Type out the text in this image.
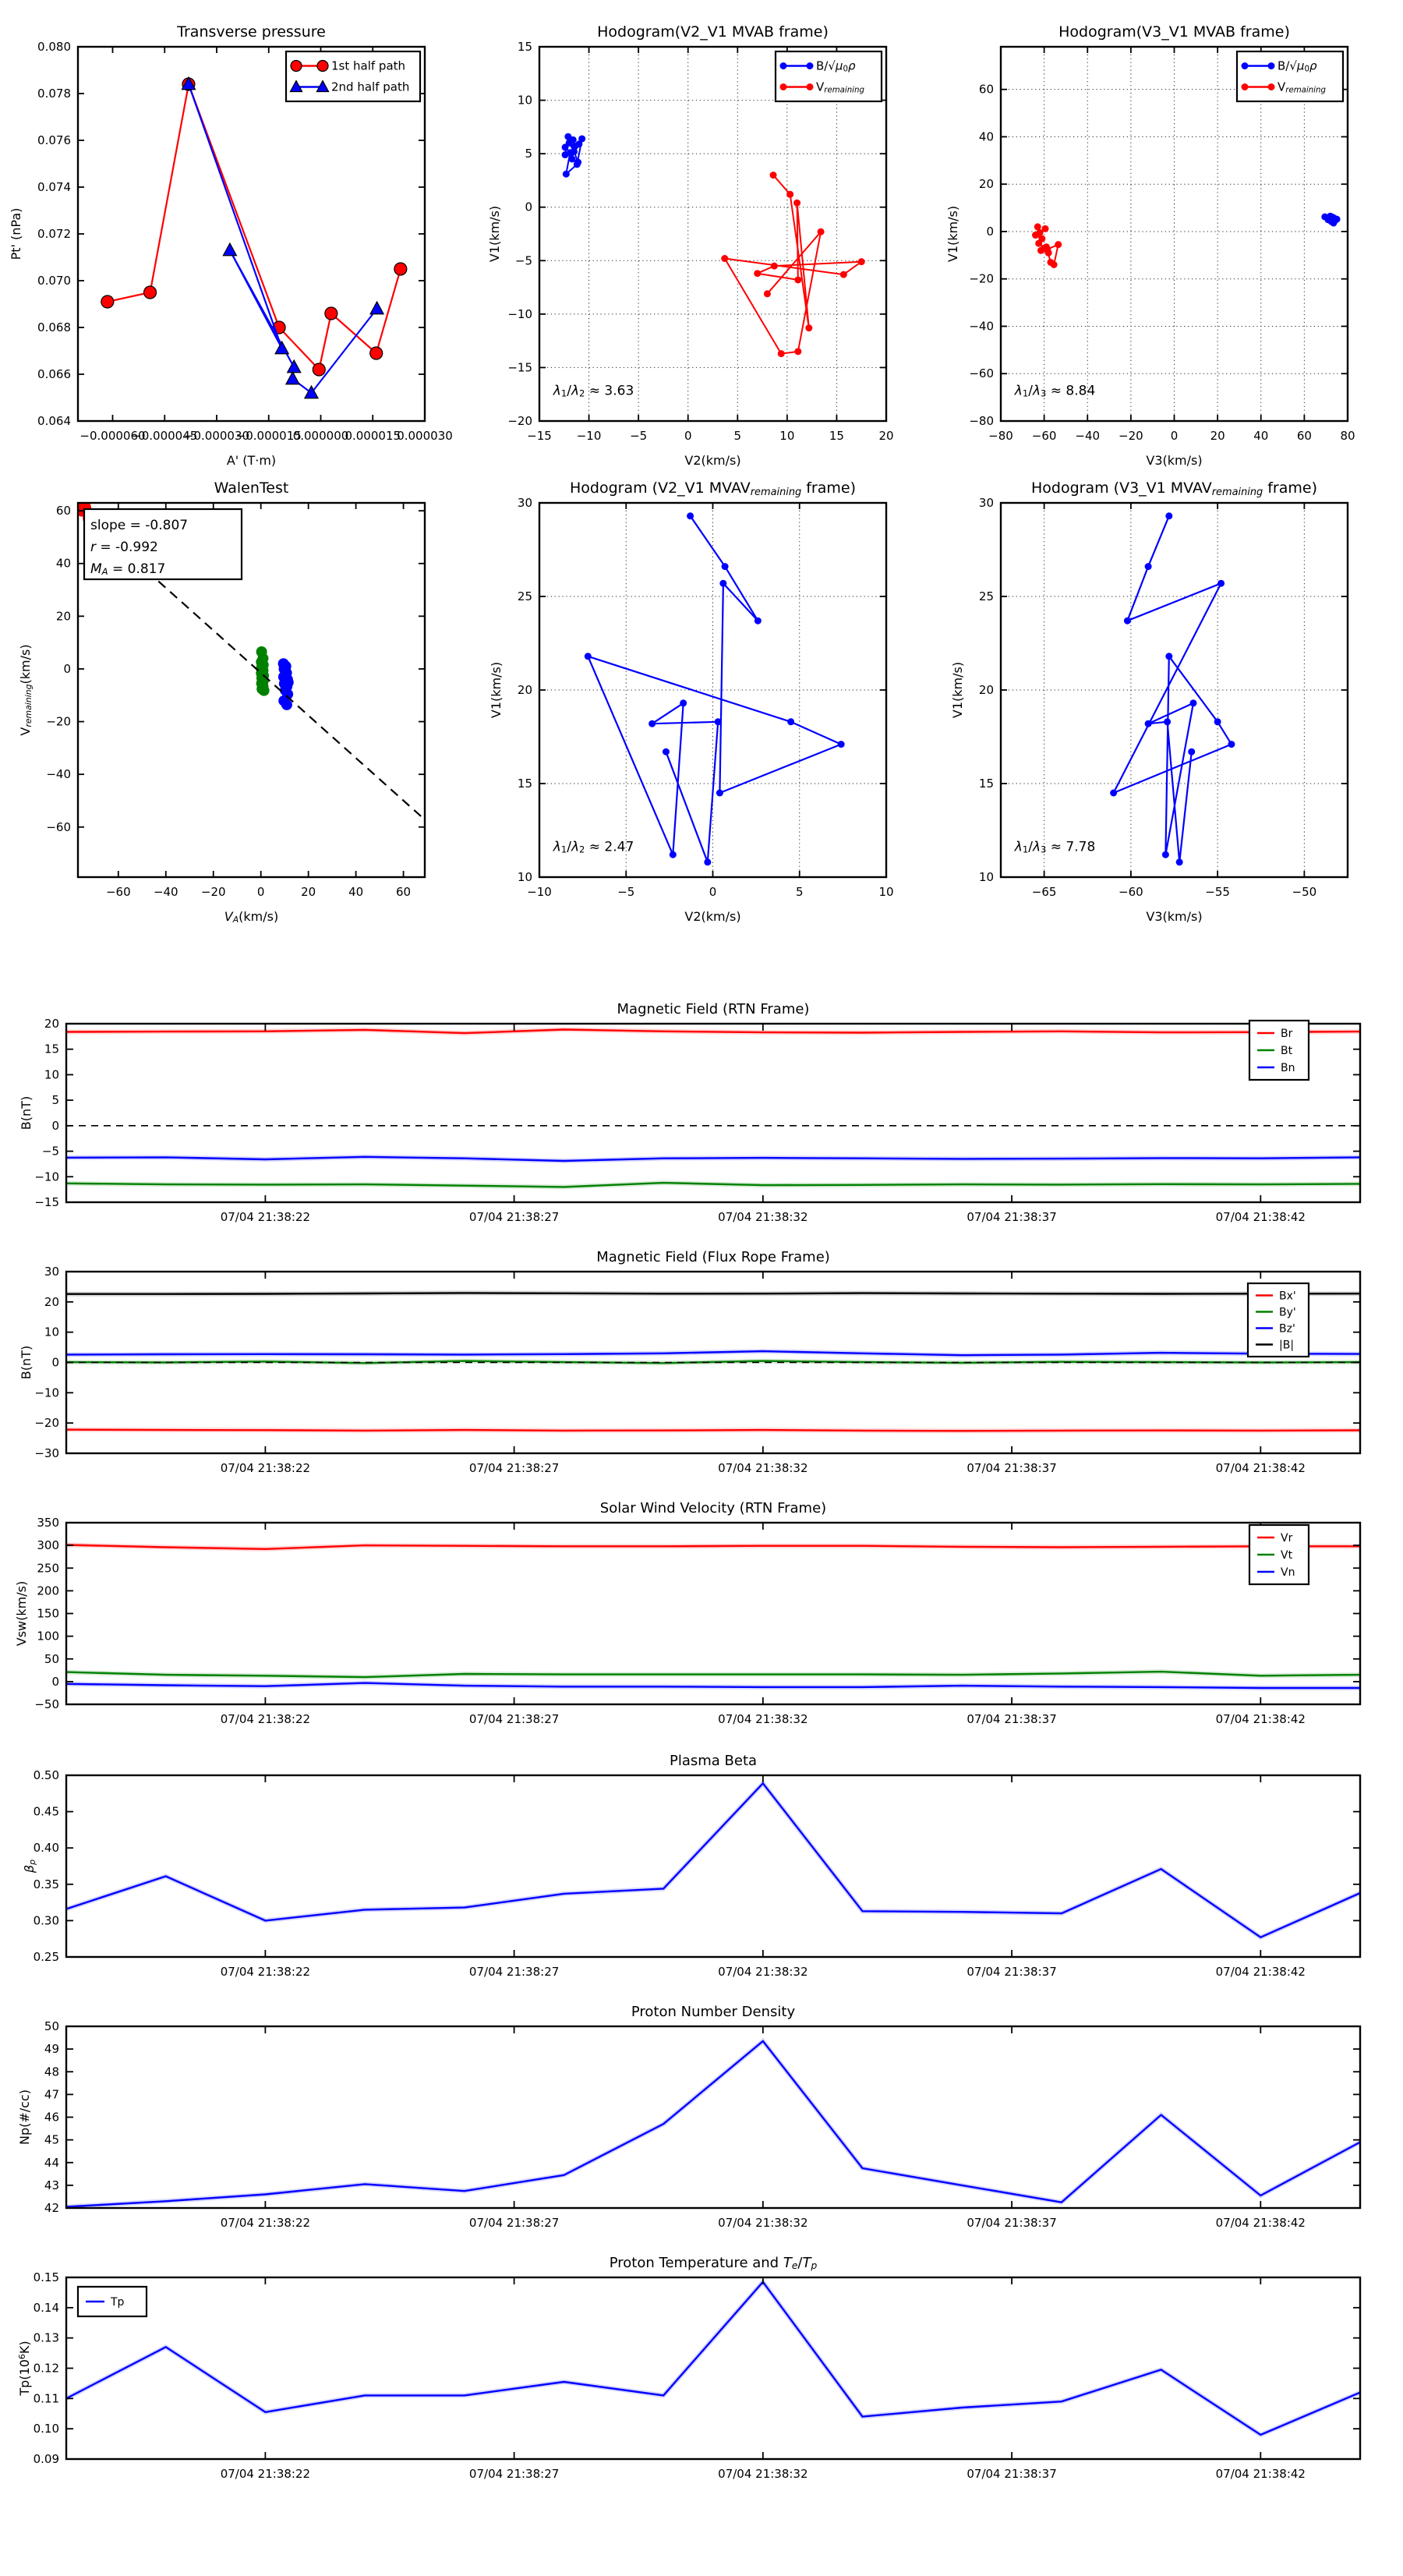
−0.000060
−0.000045
−0.000030
−0.000015
0.000000
0.000015
0.000030
0.064
0.066
0.068
0.070
0.072
0.074
0.076
0.078
0.080
Transverse pressure
A' (T·m)
Pt' (nPa)
1st half path
2nd half path
−15 −10 −5	0	5	10	15	20
−20
−15
−10
−5
0
5
10
15
Hodogram(V2_V1 MVAB frame)
V2(km/s)
V1(km/s)
λ1/λ2 ≈ 3.63
B/√μ0ρ
Vremaining
−80 −60 −40 −20 0	20 40 60 80
−80
−60
−40
−20
0
20
40
60
Hodogram(V3_V1 MVAB frame)
V3(km/s)
V1(km/s)
λ1/λ3 ≈ 8.84
B/√μ0ρ
Vremaining
−60 −40 −20	0	20	40	60
−60
−40
−20
0
20
40
60
WalenTest
VA(km/s)
Vremaining(km/s)
slope = -0.807
r = -0.992
MA = 0.817
−10	−5	0	5	10
10
15
20
25
30
Hodogram (V2_V1 MVAVremaining frame)
V2(km/s)
V1(km/s)
λ1/λ2 ≈ 2.47
−65	−60	−55	−50
10
15
20
25
30
Hodogram (V3_V1 MVAVremaining frame)
V3(km/s)
V1(km/s)
λ1/λ3 ≈ 7.78
07/04 21:38:22	07/04 21:38:27	07/04 21:38:32	07/04 21:38:37	07/04 21:38:42
−15
−10
−5
0
5
10
15
20
Magnetic Field (RTN Frame)
B(nT)
Br
Bt
Bn
07/04 21:38:22	07/04 21:38:27	07/04 21:38:32	07/04 21:38:37	07/04 21:38:42
−30
−20
−10
0
10
20
30
Magnetic Field (Flux Rope Frame)
B(nT)
Bx'
By'
Bz'
|B|
07/04 21:38:22	07/04 21:38:27	07/04 21:38:32	07/04 21:38:37	07/04 21:38:42
−50
0
50
100
150
200
250
300
350
Solar Wind Velocity (RTN Frame)
Vsw(km/s)
Vr
Vt
Vn
07/04 21:38:22	07/04 21:38:27	07/04 21:38:32	07/04 21:38:37	07/04 21:38:42
0.25
0.30
0.35
0.40
0.45
0.50
Plasma Beta
βp
07/04 21:38:22	07/04 21:38:27	07/04 21:38:32	07/04 21:38:37	07/04 21:38:42
42
43
44
45
46
47
48
49
50
Proton Number Density
Np(#/cc)
07/04 21:38:22	07/04 21:38:27	07/04 21:38:32	07/04 21:38:37	07/04 21:38:42
0.09
0.10
0.11
0.12
0.13
0.14
0.15
Proton Temperature and Te/Tp
Tp(106K)
Tp
